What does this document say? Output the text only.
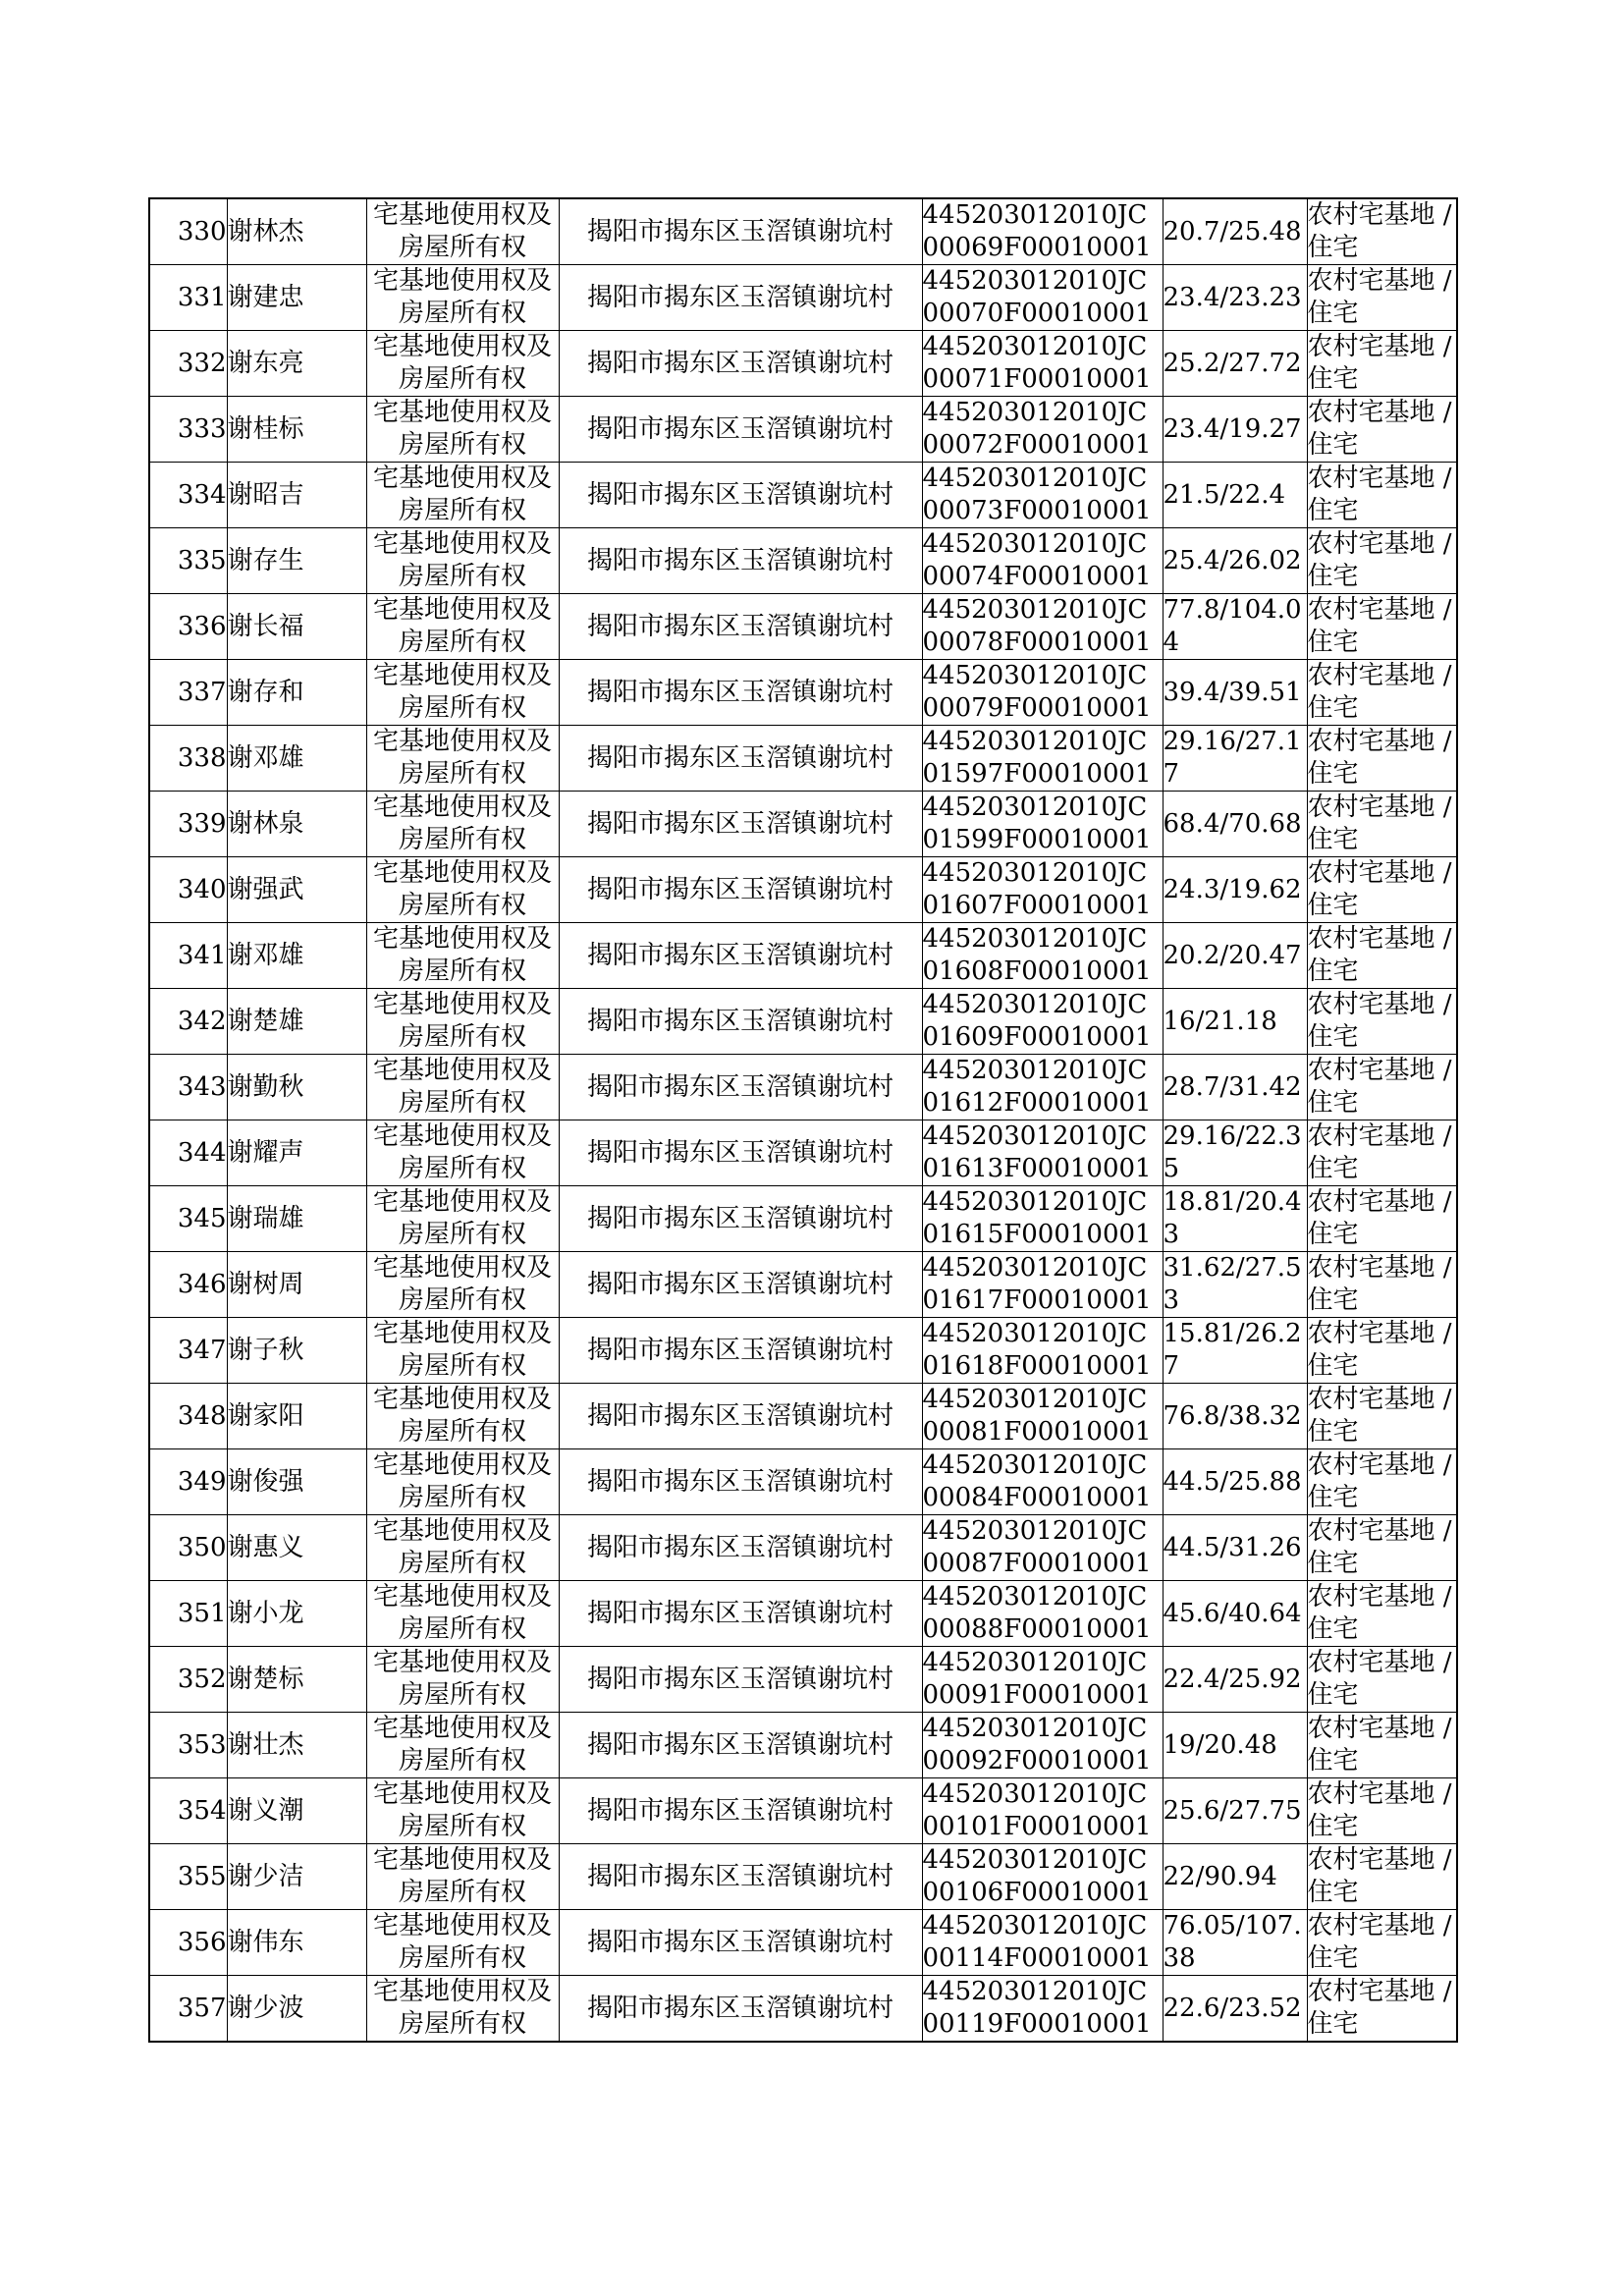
330	谢林杰	宅基地使用权及房屋所有权	揭阳市揭东区玉滘镇谢坑村	445203012010JC00069F00010001	20.7/25.48	农村宅基地 / 住宅
331	谢建忠	宅基地使用权及房屋所有权	揭阳市揭东区玉滘镇谢坑村	445203012010JC00070F00010001	23.4/23.23	农村宅基地 / 住宅
332	谢东亮	宅基地使用权及房屋所有权	揭阳市揭东区玉滘镇谢坑村	445203012010JC00071F00010001	25.2/27.72	农村宅基地 / 住宅
333	谢桂标	宅基地使用权及房屋所有权	揭阳市揭东区玉滘镇谢坑村	445203012010JC00072F00010001	23.4/19.27	农村宅基地 / 住宅
334	谢昭吉	宅基地使用权及房屋所有权	揭阳市揭东区玉滘镇谢坑村	445203012010JC00073F00010001	21.5/22.4	农村宅基地 / 住宅
335	谢存生	宅基地使用权及房屋所有权	揭阳市揭东区玉滘镇谢坑村	445203012010JC00074F00010001	25.4/26.02	农村宅基地 / 住宅
336	谢长福	宅基地使用权及房屋所有权	揭阳市揭东区玉滘镇谢坑村	445203012010JC00078F00010001	77.8/104.04	农村宅基地 / 住宅
337	谢存和	宅基地使用权及房屋所有权	揭阳市揭东区玉滘镇谢坑村	445203012010JC00079F00010001	39.4/39.51	农村宅基地 / 住宅
338	谢邓雄	宅基地使用权及房屋所有权	揭阳市揭东区玉滘镇谢坑村	445203012010JC01597F00010001	29.16/27.17	农村宅基地 / 住宅
339	谢林泉	宅基地使用权及房屋所有权	揭阳市揭东区玉滘镇谢坑村	445203012010JC01599F00010001	68.4/70.68	农村宅基地 / 住宅
340	谢强武	宅基地使用权及房屋所有权	揭阳市揭东区玉滘镇谢坑村	445203012010JC01607F00010001	24.3/19.62	农村宅基地 / 住宅
341	谢邓雄	宅基地使用权及房屋所有权	揭阳市揭东区玉滘镇谢坑村	445203012010JC01608F00010001	20.2/20.47	农村宅基地 / 住宅
342	谢楚雄	宅基地使用权及房屋所有权	揭阳市揭东区玉滘镇谢坑村	445203012010JC01609F00010001	16/21.18	农村宅基地 / 住宅
343	谢勤秋	宅基地使用权及房屋所有权	揭阳市揭东区玉滘镇谢坑村	445203012010JC01612F00010001	28.7/31.42	农村宅基地 / 住宅
344	谢耀声	宅基地使用权及房屋所有权	揭阳市揭东区玉滘镇谢坑村	445203012010JC01613F00010001	29.16/22.35	农村宅基地 / 住宅
345	谢瑞雄	宅基地使用权及房屋所有权	揭阳市揭东区玉滘镇谢坑村	445203012010JC01615F00010001	18.81/20.43	农村宅基地 / 住宅
346	谢树周	宅基地使用权及房屋所有权	揭阳市揭东区玉滘镇谢坑村	445203012010JC01617F00010001	31.62/27.53	农村宅基地 / 住宅
347	谢子秋	宅基地使用权及房屋所有权	揭阳市揭东区玉滘镇谢坑村	445203012010JC01618F00010001	15.81/26.27	农村宅基地 / 住宅
348	谢家阳	宅基地使用权及房屋所有权	揭阳市揭东区玉滘镇谢坑村	445203012010JC00081F00010001	76.8/38.32	农村宅基地 / 住宅
349	谢俊强	宅基地使用权及房屋所有权	揭阳市揭东区玉滘镇谢坑村	445203012010JC00084F00010001	44.5/25.88	农村宅基地 / 住宅
350	谢惠义	宅基地使用权及房屋所有权	揭阳市揭东区玉滘镇谢坑村	445203012010JC00087F00010001	44.5/31.26	农村宅基地 / 住宅
351	谢小龙	宅基地使用权及房屋所有权	揭阳市揭东区玉滘镇谢坑村	445203012010JC00088F00010001	45.6/40.64	农村宅基地 / 住宅
352	谢楚标	宅基地使用权及房屋所有权	揭阳市揭东区玉滘镇谢坑村	445203012010JC00091F00010001	22.4/25.92	农村宅基地 / 住宅
353	谢壮杰	宅基地使用权及房屋所有权	揭阳市揭东区玉滘镇谢坑村	445203012010JC00092F00010001	19/20.48	农村宅基地 / 住宅
354	谢义潮	宅基地使用权及房屋所有权	揭阳市揭东区玉滘镇谢坑村	445203012010JC00101F00010001	25.6/27.75	农村宅基地 / 住宅
355	谢少洁	宅基地使用权及房屋所有权	揭阳市揭东区玉滘镇谢坑村	445203012010JC00106F00010001	22/90.94	农村宅基地 / 住宅
356	谢伟东	宅基地使用权及房屋所有权	揭阳市揭东区玉滘镇谢坑村	445203012010JC00114F00010001	76.05/107.38	农村宅基地 / 住宅
357	谢少波	宅基地使用权及房屋所有权	揭阳市揭东区玉滘镇谢坑村	445203012010JC00119F00010001	22.6/23.52	农村宅基地 / 住宅
